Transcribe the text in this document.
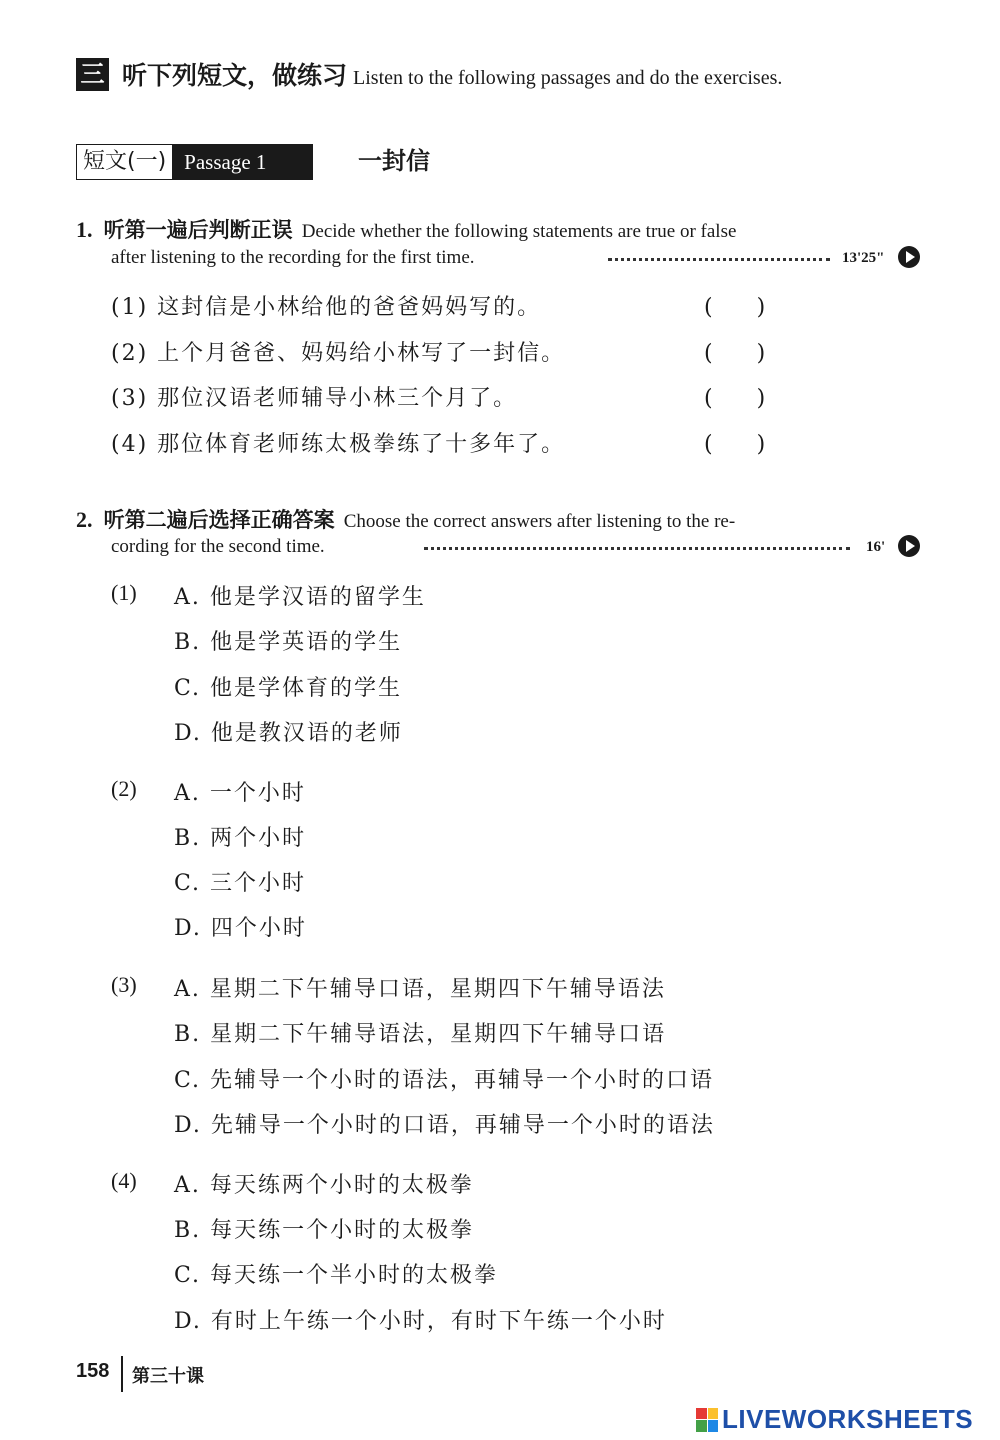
三 听下列短文，做练习 Listen to the following passages and do the exercises.
短文(一) Passage 1	一封信
1. 听第一遍后判断正误 Decide whether the following statements are true or false
after listening to the recording for the first time.	13'25"
(1) 这封信是小林给他的爸爸妈妈写的。	(　　)
(2) 上个月爸爸、妈妈给小林写了一封信。	(　　)
(3) 那位汉语老师辅导小林三个月了。	(　　)
(4) 那位体育老师练太极拳练了十多年了。	(　　)
2. 听第二遍后选择正确答案 Choose the correct answers after listening to the re-
cording for the second time.	16'
(1) A. 他是学汉语的留学生
B. 他是学英语的学生
C. 他是学体育的学生
D. 他是教汉语的老师
(2) A. 一个小时
B. 两个小时
C. 三个小时
D. 四个小时
(3) A. 星期二下午辅导口语，星期四下午辅导语法
B. 星期二下午辅导语法，星期四下午辅导口语
C. 先辅导一个小时的语法，再辅导一个小时的口语
D. 先辅导一个小时的口语，再辅导一个小时的语法
(4) A. 每天练两个小时的太极拳
B. 每天练一个小时的太极拳
C. 每天练一个半小时的太极拳
D. 有时上午练一个小时，有时下午练一个小时
158 第三十课
LIVEWORKSHEETS
